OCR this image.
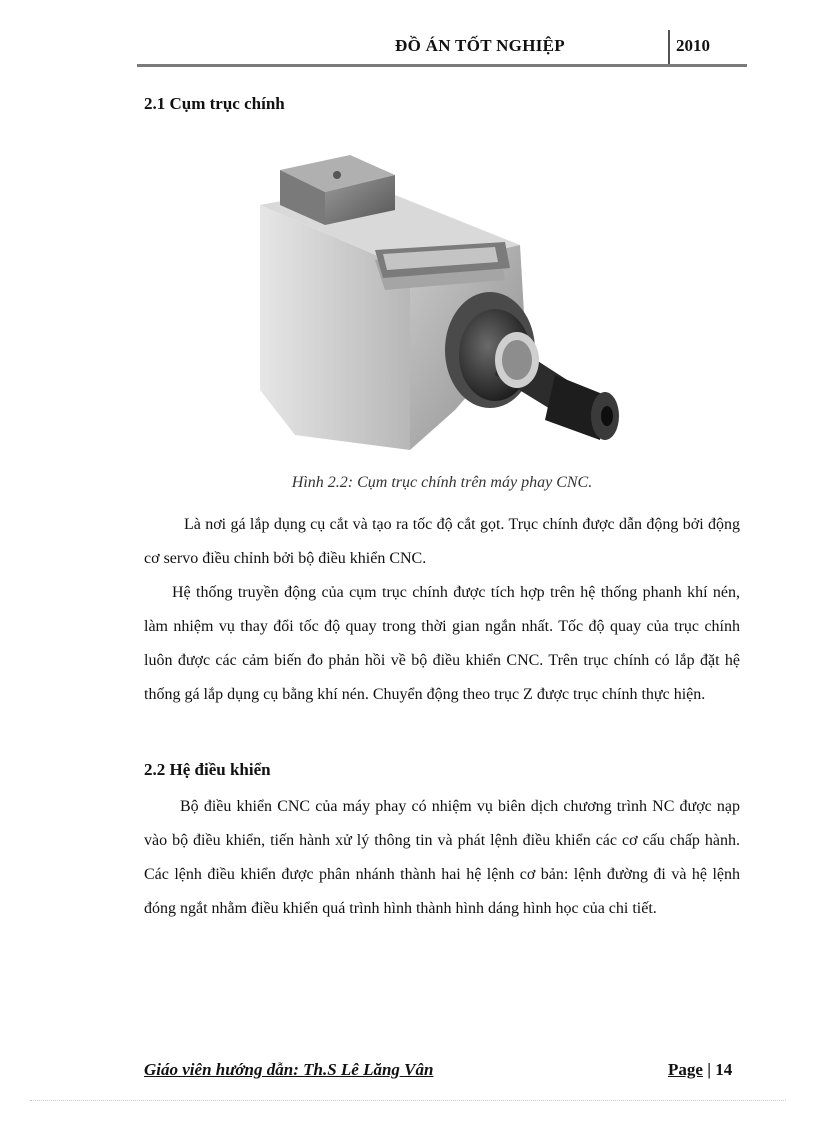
ĐỒ ÁN TỐT NGHIỆP	2010
2.1 Cụm trục chính
Hình 2.2: Cụm trục chính trên máy phay CNC.

Là nơi gá lắp dụng cụ cắt và tạo ra tốc độ cắt gọt. Trục chính được dẫn động bởi động cơ servo điều chỉnh bởi bộ điều khiển CNC.

Hệ thống truyền động của cụm trục chính được tích hợp trên hệ thống phanh khí nén, làm nhiệm vụ thay đổi tốc độ quay trong thời gian ngắn nhất. Tốc độ quay của trục chính luôn được các cảm biến đo phản hồi về bộ điều khiển CNC. Trên trục chính có lắp đặt hệ thống gá lắp dụng cụ bằng khí nén. Chuyển động theo trục Z được trục chính thực hiện.

2.2 Hệ điều khiển

Bộ điều khiển CNC của máy phay có nhiệm vụ biên dịch chương trình NC được nạp vào bộ điều khiển, tiến hành xử lý thông tin và phát lệnh điều khiển các cơ cấu chấp hành. Các lệnh điều khiển được phân nhánh thành hai hệ lệnh cơ bản: lệnh đường đi và hệ lệnh đóng ngắt nhằm điều khiển quá trình hình thành hình dáng hình học của chi tiết.

Giáo viên hướng dẫn: Th.S Lê Lăng Vân	Page | 14
